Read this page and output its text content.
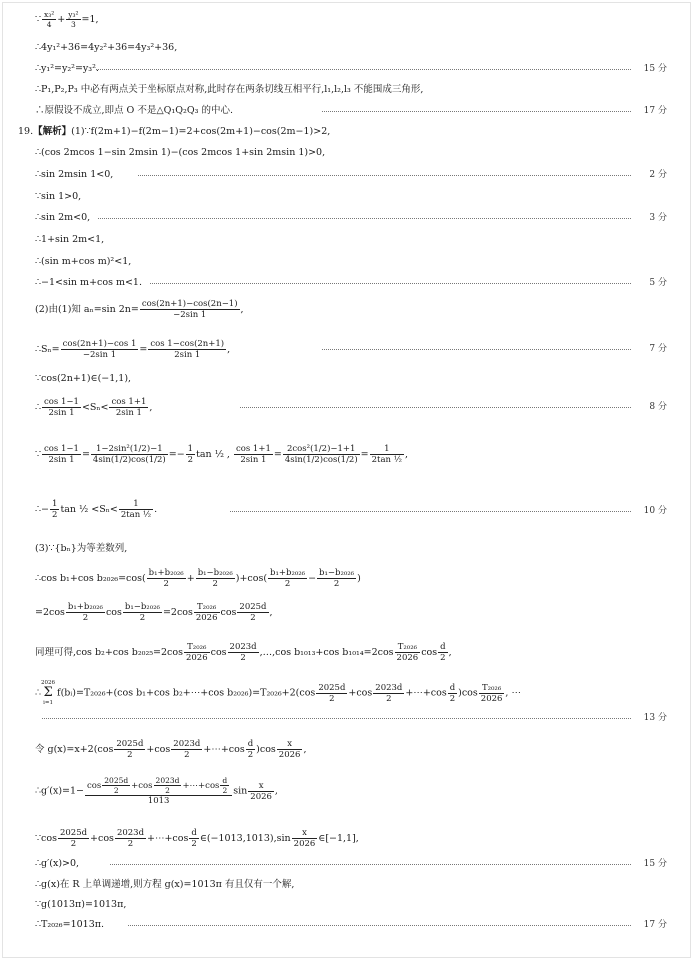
∵ $\frac{\text{x₃²}}{4} + \frac{\text{y₃²}}{3} =1$,
∴4y₁²+36=4y₂²+36=4y₃²+36,
∴y₁²=y₂²=y₃².	15 分
∴P₁,P₂,P₃ 中必有两点关于坐标原点对称,此时存在两条切线互相平行,l₁,l₂,l₃ 不能围成三角形,
∴原假设不成立,即点 O 不是△Q₁Q₂Q₃ 的中心.	17 分
19.【解析】(1)∵f(2m+1)−f(2m−1)=2+cos(2m+1)−cos(2m−1)>2,
∴(cos 2mcos 1−sin 2msin 1)−(cos 2mcos 1+sin 2msin 1)>0,
∴sin 2msin 1<0,	2 分
∵sin 1>0,
∴sin 2m<0,	3 分
∴1+sin 2m<1,
∴(sin m+cos m)²<1,
∴−1<sin m+cos m<1.	5 分
(2)由(1)知 aₙ=sin $2n= \frac{\cos(2n+1)-\cos(2n-1)}{-2\sin 1}$ ,
∴Sₙ= $\frac{\cos(2n+1)-\cos 1}{-2\sin 1} = \frac{\cos 1-\cos(2n+1)}{2\sin 1}$ ,	7 分
∵cos(2n+1)∈(−1,1),
∴ $\frac{\cos 1-1}{2\sin 1} <S_n< \frac{\cos 1+1}{2\sin 1}$ ,	8 分
∵ $\frac{\cos 1-1}{2\sin 1} = \frac{\text{1−2sin²(1/2)−1}}{4\sin(1/2)\cos(1/2)} =- \frac{1}{2}$ tan ½ , $\frac{\cos 1+1}{2\sin 1} = \frac{\text{2cos²(1/2)−1+1}}{4\sin(1/2)\cos(1/2)} = \frac{1}{\text{2tan ½}}$ ,
∴− $\frac{1}{2}$ tan ½ $<S_n< \frac{1}{\text{2tan ½}}$ .	10 分
(3)∵{bₙ}为等差数列,
∴cos b₁+cos $b_{2026}=\cos( \frac{\text{b₁+b₂₀₂₆}}{2} + \frac{\text{b₁−b₂₀₂₆}}{2} )+\cos( \frac{\text{b₁+b₂₀₂₆}}{2} - \frac{\text{b₁−b₂₀₂₆}}{2}$ )
$=2\cos \frac{\text{b₁+b₂₀₂₆}}{2}$ $\cos \frac{\text{b₁−b₂₀₂₆}}{2} =2\cos \frac{\text{T₂₀₂₆}}{2026}$ $\cos \frac{2025d}{2}$ ,
同理可得,cos b₂+cos $b_{2025}=2\cos \frac{\text{T₂₀₂₆}}{2026}$ $\cos \frac{2023d}{2}$ ,…,cos b₁₀₁₃+cos $b_{1014}=2\cos \frac{\text{T₂₀₂₆}}{2026}$ $\cos \frac{d}{2}$ ,
∴
2026
Σ
i=1
f(bᵢ)=T₂₀₂₆+(cos b₁+cos b₂+⋯+cos $b_{2026})=T_{2026}+2(\cos \frac{2025d}{2} +\cos \frac{2023d}{2}$ +⋯+cos $\frac{d}{2} )\cos \frac{\text{T₂₀₂₆}}{2026}$ , ⋯
13 分
令 $g(x)=x+2(\cos \frac{2025d}{2} +\cos \frac{2023d}{2}$ +⋯+cos $\frac{d}{2} )\cos \frac{x}{2026}$ ,
∴g′(x)=1− $\frac{\cos \frac{2025d}{2} +\cos \frac{2023d}{2} +\cdots+\cos \frac{d}{2}}{1013}$ $\sin \frac{x}{2026}$ ,
∵cos $\frac{2025d}{2} +\cos \frac{2023d}{2}$ +⋯+cos $\frac{d}{2}$ ∈(−1013,1013),sin $\frac{x}{2026}$ ∈[−1,1],
∴g′(x)>0,	15 分
∴g(x)在 R 上单调递增,则方程 g(x)=1013π 有且仅有一个解,
∵g(1013π)=1013π,
∴T₂₀₂₆=1013π.	17 分
